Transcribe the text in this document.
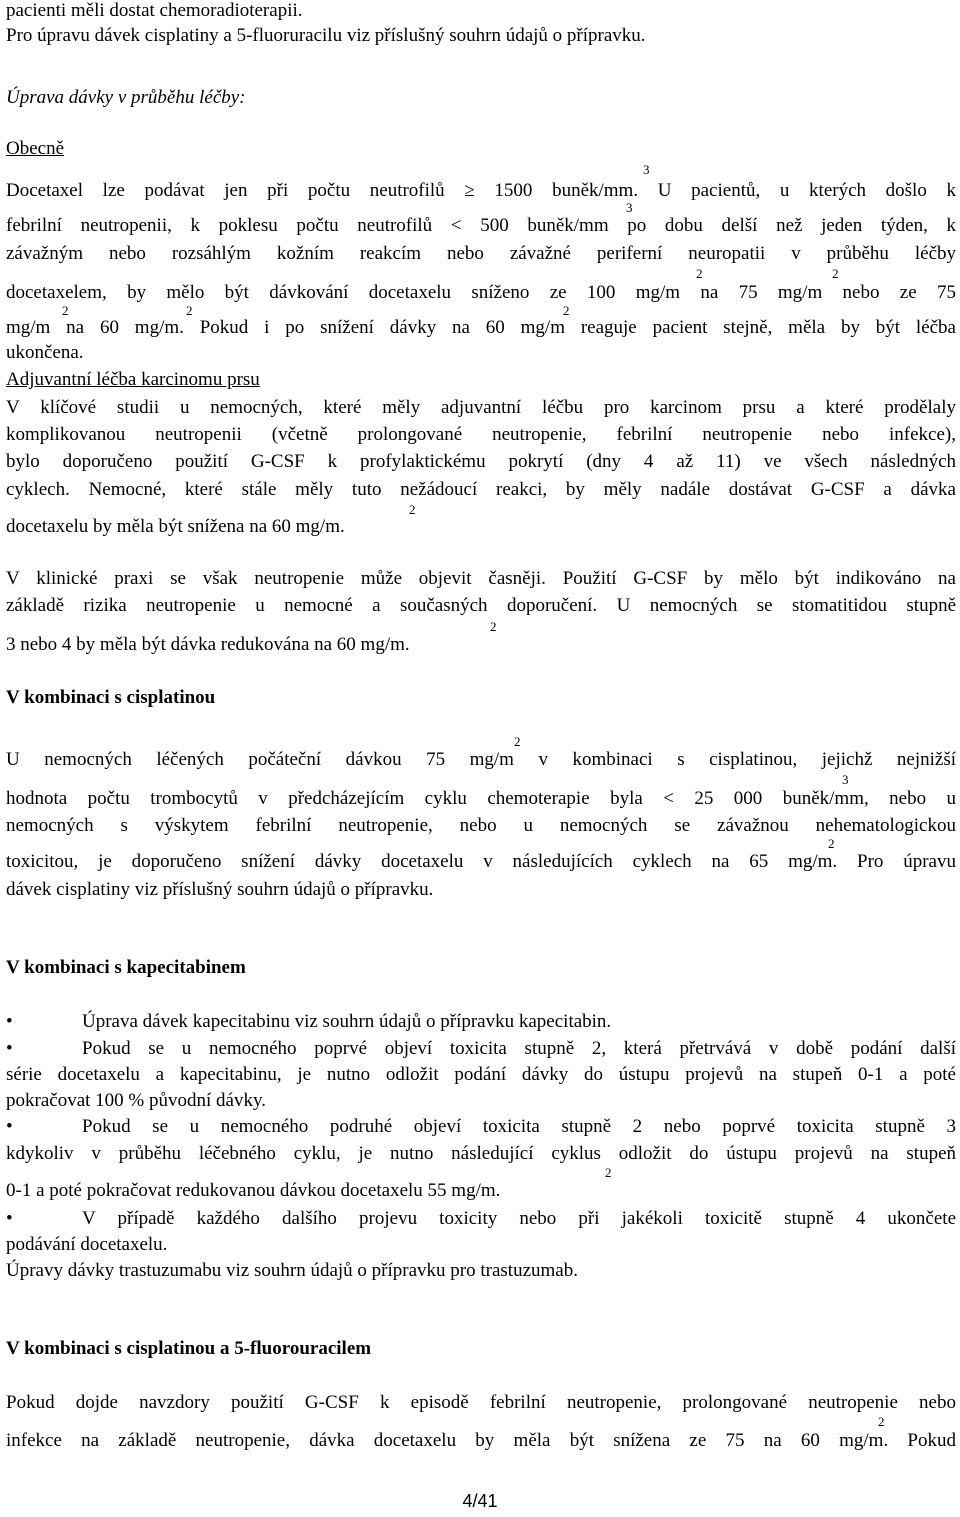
pacienti měli dostat chemoradioterapii.
Pro úpravu dávek cisplatiny a 5-fluoruracilu viz příslušný souhrn údajů o přípravku.
Úprava dávky v průběhu léčby:
Obecně
3
Docetaxel lze podávat jen při počtu neutrofilů ≥ 1500 buněk/mm. U pacientů, u kterých došlo k
3
febrilní neutropenii, k poklesu počtu neutrofilů < 500 buněk/mm po dobu delší než jeden týden, k
závažným nebo rozsáhlým kožním reakcím nebo závažné periferní neuropatii v průběhu léčby
2	2
docetaxelem, by mělo být dávkování docetaxelu sníženo ze 100 mg/m na 75 mg/m nebo ze 75
2	2	2
mg/m na 60 mg/m. Pokud i po snížení dávky na 60 mg/m reaguje pacient stejně, měla by být léčba
ukončena.
Adjuvantní léčba karcinomu prsu
V klíčové studii u nemocných, které měly adjuvantní léčbu pro karcinom prsu a které prodělaly
komplikovanou neutropenii (včetně prolongované neutropenie, febrilní neutropenie nebo infekce),
bylo doporučeno použití G-CSF k profylaktickému pokrytí (dny 4 až 11) ve všech následných
cyklech. Nemocné, které stále měly tuto nežádoucí reakci, by měly nadále dostávat G-CSF a dávka
2
docetaxelu by měla být snížena na 60 mg/m.
V klinické praxi se však neutropenie může objevit časněji. Použití G-CSF by mělo být indikováno na
základě rizika neutropenie u nemocné a současných doporučení. U nemocných se stomatitidou stupně
2
3 nebo 4 by měla být dávka redukována na 60 mg/m.
V kombinaci s cisplatinou
2
U nemocných léčených počáteční dávkou 75 mg/m v kombinaci s cisplatinou, jejichž nejnižší
3
hodnota počtu trombocytů v předcházejícím cyklu chemoterapie byla < 25 000 buněk/mm, nebo u
nemocných s výskytem febrilní neutropenie, nebo u nemocných se závažnou nehematologickou
2
toxicitou, je doporučeno snížení dávky docetaxelu v následujících cyklech na 65 mg/m. Pro úpravu
dávek cisplatiny viz příslušný souhrn údajů o přípravku.
V kombinaci s kapecitabinem
•	Úprava dávek kapecitabinu viz souhrn údajů o přípravku kapecitabin.
•	Pokud se u nemocného poprvé objeví toxicita stupně 2, která přetrvává v době podání další
série docetaxelu a kapecitabinu, je nutno odložit podání dávky do ústupu projevů na stupeň 0-1 a poté
pokračovat 100 % původní dávky.
•	Pokud se u nemocného podruhé objeví toxicita stupně 2 nebo poprvé toxicita stupně 3
kdykoliv v průběhu léčebného cyklu, je nutno následující cyklus odložit do ústupu projevů na stupeň
2
0-1 a poté pokračovat redukovanou dávkou docetaxelu 55 mg/m.
•	V případě každého dalšího projevu toxicity nebo při jakékoli toxicitě stupně 4 ukončete
podávání docetaxelu.
Úpravy dávky trastuzumabu viz souhrn údajů o přípravku pro trastuzumab.
V kombinaci s cisplatinou a 5-fluorouracilem
Pokud dojde navzdory použití G-CSF k episodě febrilní neutropenie, prolongované neutropenie nebo
2
infekce na základě neutropenie, dávka docetaxelu by měla být snížena ze 75 na 60 mg/m. Pokud
4/41
